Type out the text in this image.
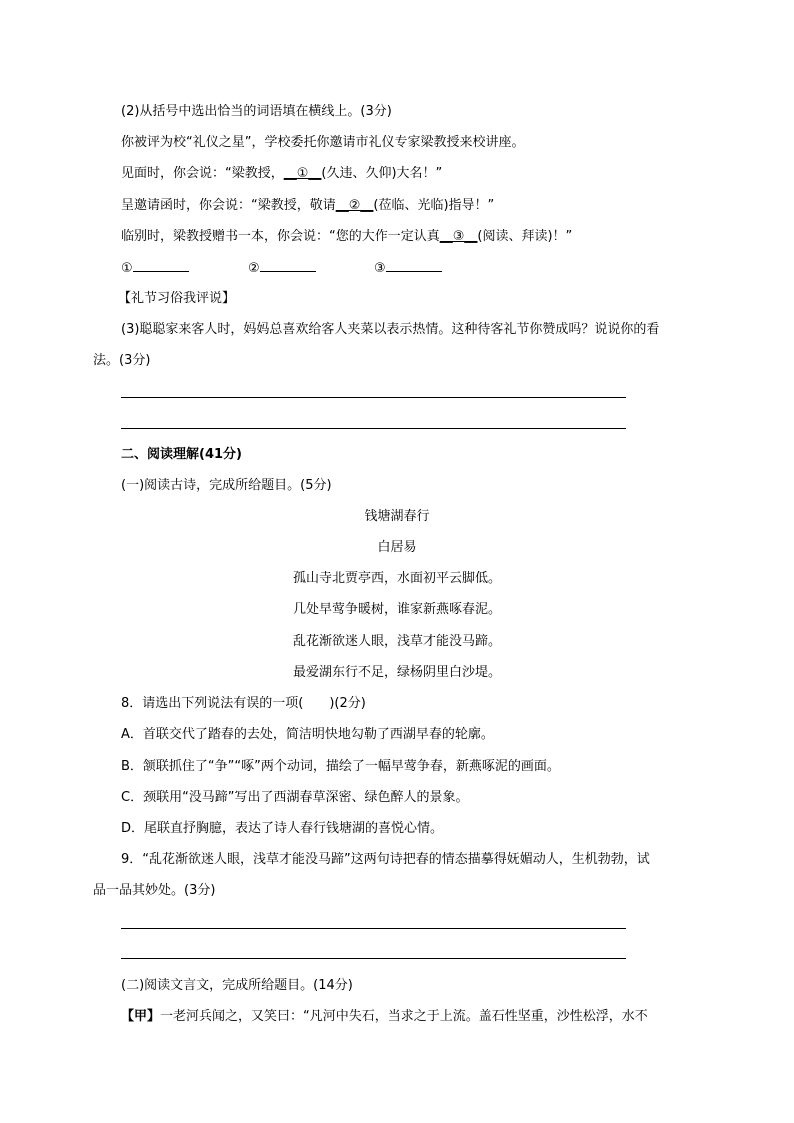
(2)从括号中选出恰当的词语填在横线上。(3分)
你被评为校“礼仪之星”，学校委托你邀请市礼仪专家梁教授来校讲座。
见面时，你会说：“梁教授，__①__(久违、久仰)大名！”
呈邀请函时，你会说：“梁教授，敬请__②__(莅临、光临)指导！”
临别时，梁教授赠书一本，你会说：“您的大作一定认真__③__(阅读、拜读)！”
①	②	③
【礼节习俗我评说】
(3)聪聪家来客人时，妈妈总喜欢给客人夹菜以表示热情。这种待客礼节你赞成吗？说说你的看
法。(3分)
二、阅读理解(41分)
(一)阅读古诗，完成所给题目。(5分)
钱塘湖春行
白居易
孤山寺北贾亭西，水面初平云脚低。
几处早莺争暖树，谁家新燕啄春泥。
乱花渐欲迷人眼，浅草才能没马蹄。
最爱湖东行不足，绿杨阴里白沙堤。
8．请选出下列说法有误的一项(　　)(2分)
A．首联交代了踏春的去处，简洁明快地勾勒了西湖早春的轮廓。
B．颔联抓住了“争”“啄”两个动词，描绘了一幅早莺争春，新燕啄泥的画面。
C．颈联用“没马蹄”写出了西湖春草深密、绿色醉人的景象。
D．尾联直抒胸臆，表达了诗人春行钱塘湖的喜悦心情。
9．“乱花渐欲迷人眼，浅草才能没马蹄”这两句诗把春的情态描摹得妩媚动人，生机勃勃，试
品一品其妙处。(3分)
(二)阅读文言文，完成所给题目。(14分)
【甲】一老河兵闻之，又笑曰：“凡河中失石，当求之于上流。盖石性坚重，沙性松浮，水不
